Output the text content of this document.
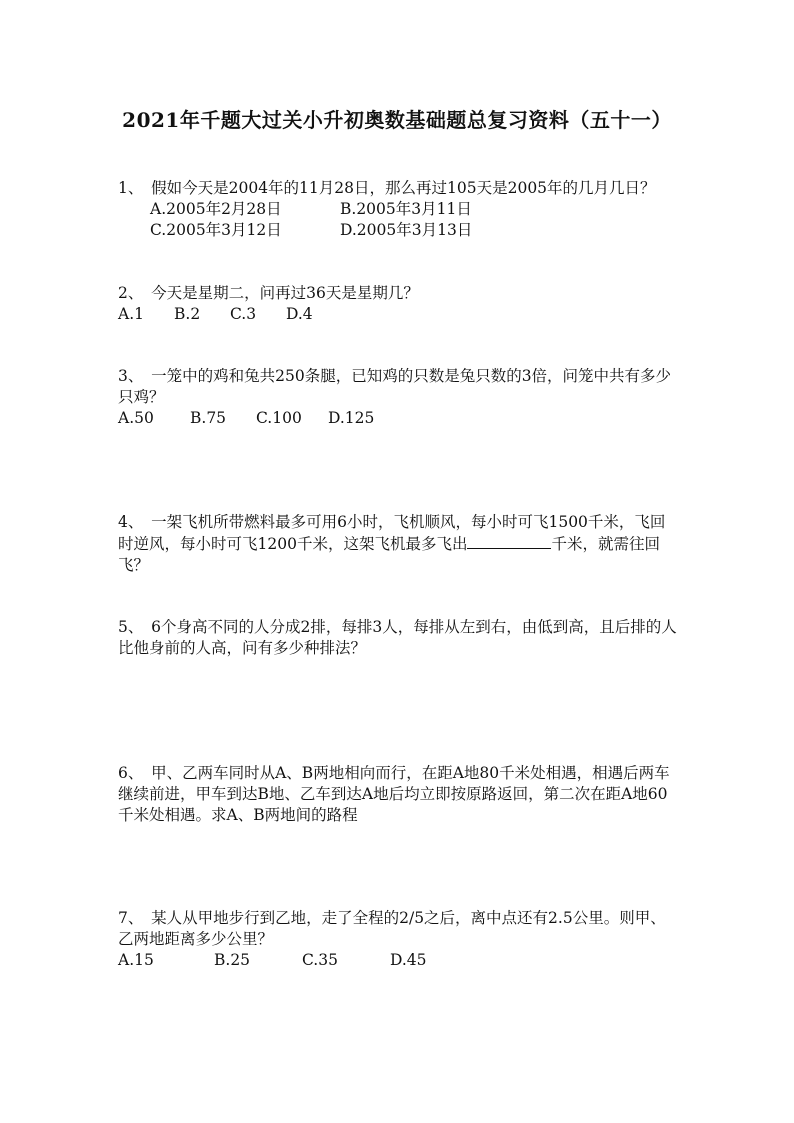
2021年千题大过关小升初奥数基础题总复习资料（五十一）
1、　假如今天是2004年的11月28日，那么再过105天是2005年的几月几日？
A.2005年2月28日	B.2005年3月11日
C.2005年3月12日	D.2005年3月13日
2、　今天是星期二，问再过36天是星期几？
A.1 B.2 C.3 D.4
3、　一笼中的鸡和兔共250条腿，已知鸡的只数是兔只数的3倍，问笼中共有多少只鸡？
A.50 B.75 C.100 D.125
4、　一架飞机所带燃料最多可用6小时，飞机顺风，每小时可飞1500千米，飞回时逆风，每小时可飞1200千米，这架飞机最多飞出	千米，就需往回飞？
5、　6个身高不同的人分成2排，每排3人，每排从左到右，由低到高，且后排的人比他身前的人高，问有多少种排法？
6、　甲、乙两车同时从A、B两地相向而行，在距A地80千米处相遇，相遇后两车继续前进，甲车到达B地、乙车到达A地后均立即按原路返回，第二次在距A地60千米处相遇。求A、B两地间的路程
7、　某人从甲地步行到乙地，走了全程的2/5之后，离中点还有2.5公里。则甲、乙两地距离多少公里？
A.15	B.25	C.35	D.45
